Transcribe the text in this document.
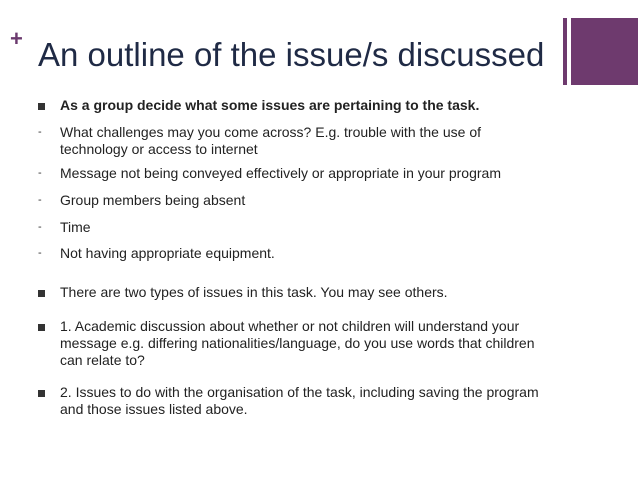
+ An outline of the issue/s discussed
As a group decide what some issues are pertaining to the task.
- What challenges may you come across? E.g. trouble with the use of technology or access to internet
- Message not being conveyed effectively or appropriate in your program
- Group members being absent
- Time
- Not having appropriate equipment.
There are two types of issues in this task. You may see others.
1. Academic discussion about whether or not children will understand your message e.g. differing nationalities/language, do you use words that children can relate to?
2. Issues to do with the organisation of the task, including saving the program and those issues listed above.
